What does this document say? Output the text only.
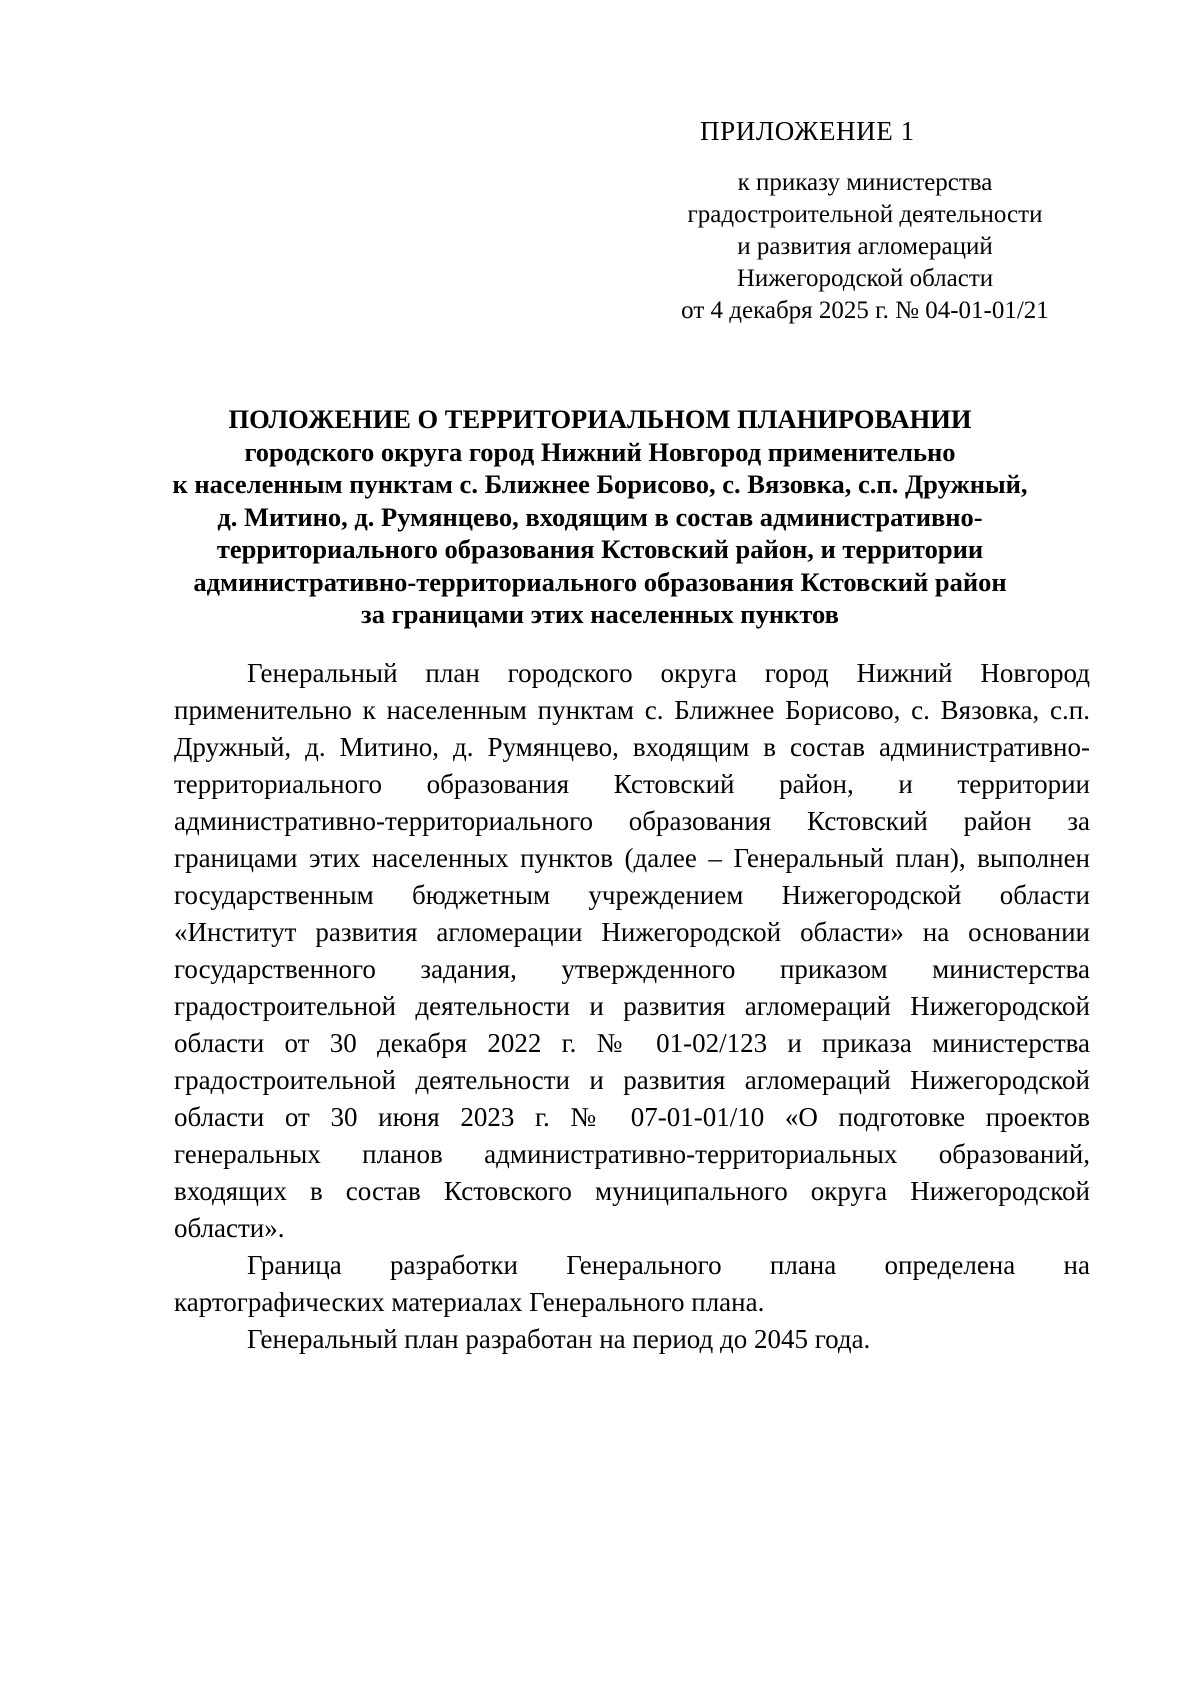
ПРИЛОЖЕНИЕ 1
к приказу министерства
градостроительной деятельности
и развития агломераций
Нижегородской области
от 4 декабря 2025 г. № 04-01-01/21
ПОЛОЖЕНИЕ О ТЕРРИТОРИАЛЬНОМ ПЛАНИРОВАНИИ
городского округа город Нижний Новгород применительно
к населенным пунктам с. Ближнее Борисово, с. Вязовка, с.п. Дружный,
д. Митино, д. Румянцево, входящим в состав административно-
территориального образования Кстовский район, и территории
административно-территориального образования Кстовский район
за границами этих населенных пунктов

Генеральный план городского округа город Нижний Новгород применительно к населенным пунктам с. Ближнее Борисово, с. Вязовка, с.п. Дружный, д. Митино, д. Румянцево, входящим в состав административно-территориального образования Кстовский район, и территории административно-территориального образования Кстовский район за границами этих населенных пунктов (далее – Генеральный план), выполнен государственным бюджетным учреждением Нижегородской области «Институт развития агломерации Нижегородской области» на основании государственного задания, утвержденного приказом министерства градостроительной деятельности и развития агломераций Нижегородской области от 30 декабря 2022 г. № 01-02/123 и приказа министерства градостроительной деятельности и развития агломераций Нижегородской области от 30 июня 2023 г. № 07-01-01/10 «О подготовке проектов генеральных планов административно-территориальных образований, входящих в состав Кстовского муниципального округа Нижегородской области».

Граница разработки Генерального плана определена на картографических материалах Генерального плана.

Генеральный план разработан на период до 2045 года.
